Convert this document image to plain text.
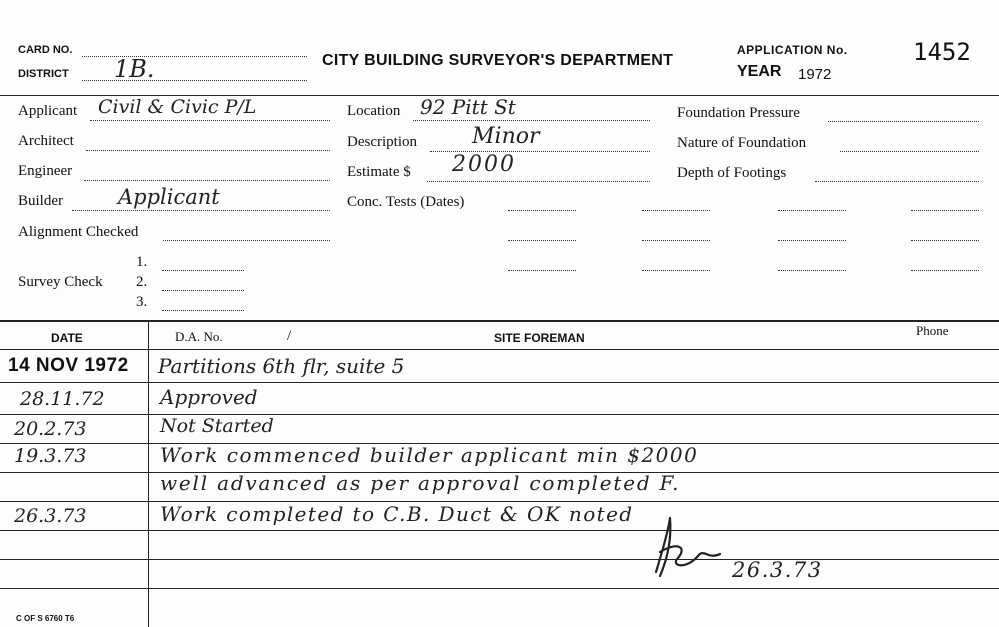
CARD NO.
DISTRICT 1B.	CITY BUILDING SURVEYOR'S DEPARTMENT
APPLICATION No.	1452
YEAR 1972
Applicant Civil & Civic P/L
Architect
Engineer
Builder	Applicant
Alignment Checked
Survey Check
1.
2.
3.
Location 92 Pitt St
Description	Minor
Estimate $ 2000
Conc. Tests (Dates)
Foundation Pressure
Nature of Foundation
Depth of Footings
DATE	D.A. No.	/	SITE FOREMAN	Phone
14 NOV 1972 Partitions 6th flr, suite 5
28.11.72	Approved
20.2.73	Not Started
19.3.73	Work commenced builder applicant min $2000
well advanced as per approval completed F.
26.3.73	Work completed to C.B. Duct & OK noted
26.3.73
C OF S 6760 T6
